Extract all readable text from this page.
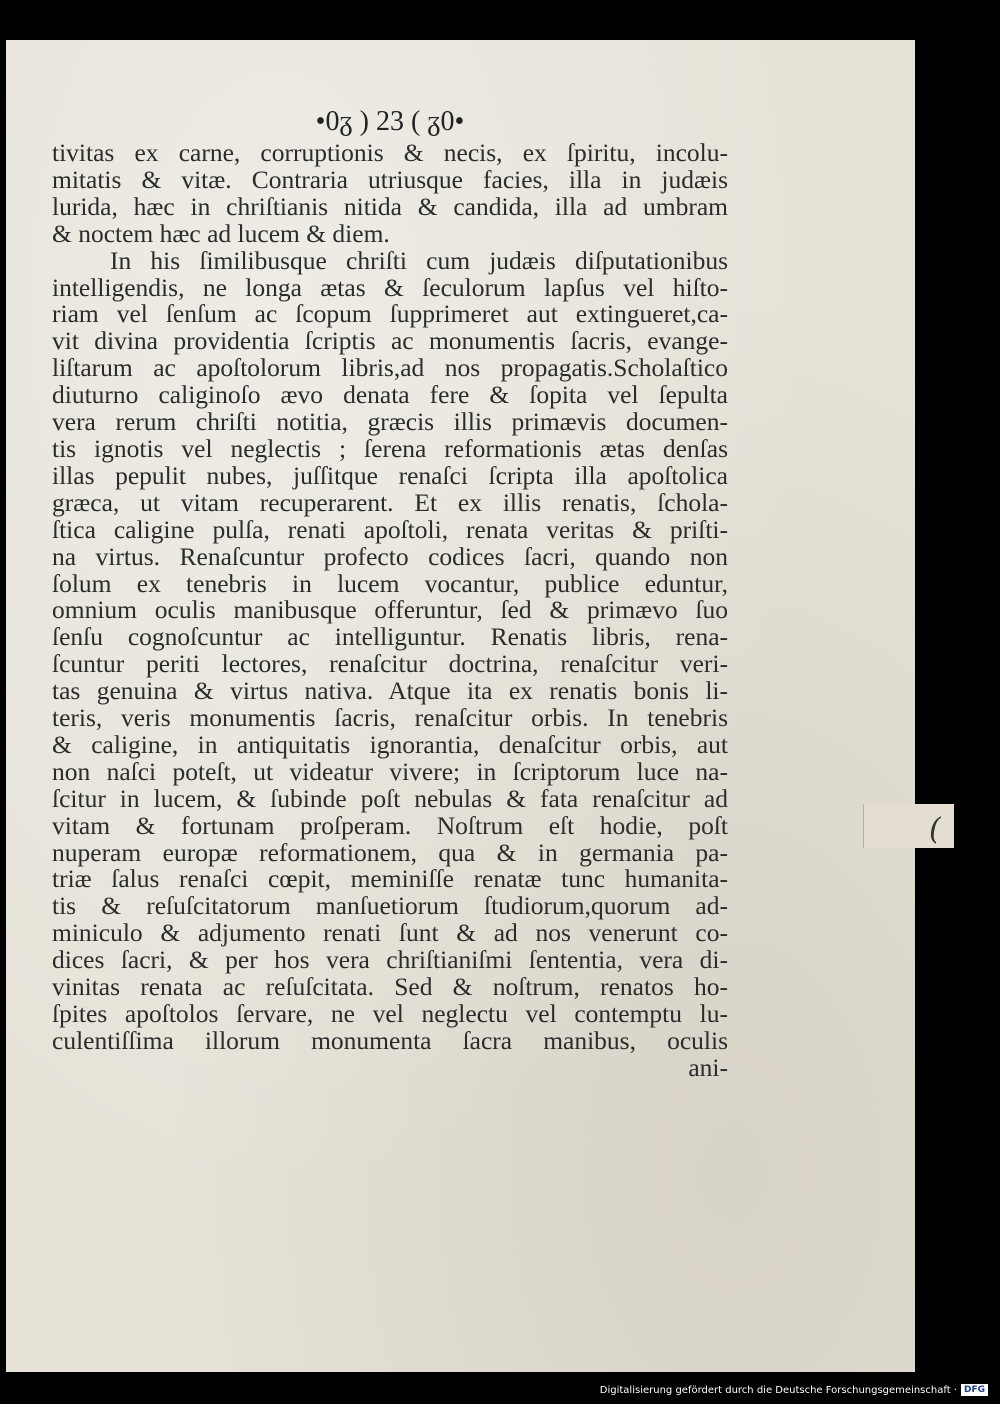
(
•0ᵹ ) 23 ( ᵹ0•
tivitas ex carne, corruptionis & necis, ex ſpiritu, incolu-
mitatis & vitæ. Contraria utriusque facies, illa in judæis
lurida, hæc in chriſtianis nitida & candida, illa ad umbram
& noctem hæc ad lucem & diem.
In his ſimilibusque chriſti cum judæis diſputationibus
intelligendis, ne longa ætas & ſeculorum lapſus vel hiſto-
riam vel ſenſum ac ſcopum ſupprimeret aut extingueret,ca-
vit divina providentia ſcriptis ac monumentis ſacris, evange-
liſtarum ac apoſtolorum libris,ad nos propagatis.Scholaſtico
diuturno caliginoſo ævo denata fere & ſopita vel ſepulta
vera rerum chriſti notitia, græcis illis primævis documen-
tis ignotis vel neglectis ; ſerena reformationis ætas denſas
illas pepulit nubes, juſſitque renaſci ſcripta illa apoſtolica
græca, ut vitam recuperarent. Et ex illis renatis, ſchola-
ſtica caligine pulſa, renati apoſtoli, renata veritas & priſti-
na virtus. Renaſcuntur profecto codices ſacri, quando non
ſolum ex tenebris in lucem vocantur, publice eduntur,
omnium oculis manibusque offeruntur, ſed & primævo ſuo
ſenſu cognoſcuntur ac intelliguntur. Renatis libris, rena-
ſcuntur periti lectores, renaſcitur doctrina, renaſcitur veri-
tas genuina & virtus nativa. Atque ita ex renatis bonis li-
teris, veris monumentis ſacris, renaſcitur orbis. In tenebris
& caligine, in antiquitatis ignorantia, denaſcitur orbis, aut
non naſci poteſt, ut videatur vivere; in ſcriptorum luce na-
ſcitur in lucem, & ſubinde poſt nebulas & fata renaſcitur ad
vitam & fortunam proſperam. Noſtrum eſt hodie, poſt
nuperam europæ reformationem, qua & in germania pa-
triæ ſalus renaſci cœpit, meminiſſe renatæ tunc humanita-
tis & reſuſcitatorum manſuetiorum ſtudiorum,quorum ad-
miniculo & adjumento renati ſunt & ad nos venerunt co-
dices ſacri, & per hos vera chriſtianiſmi ſententia, vera di-
vinitas renata ac reſuſcitata. Sed & noſtrum, renatos ho-
ſpites apoſtolos ſervare, ne vel neglectu vel contemptu lu-
culentiſſima illorum monumenta ſacra manibus, oculis
ani-
Digitalisierung gefördert durch die Deutsche Forschungsgemeinschaft · DFG
